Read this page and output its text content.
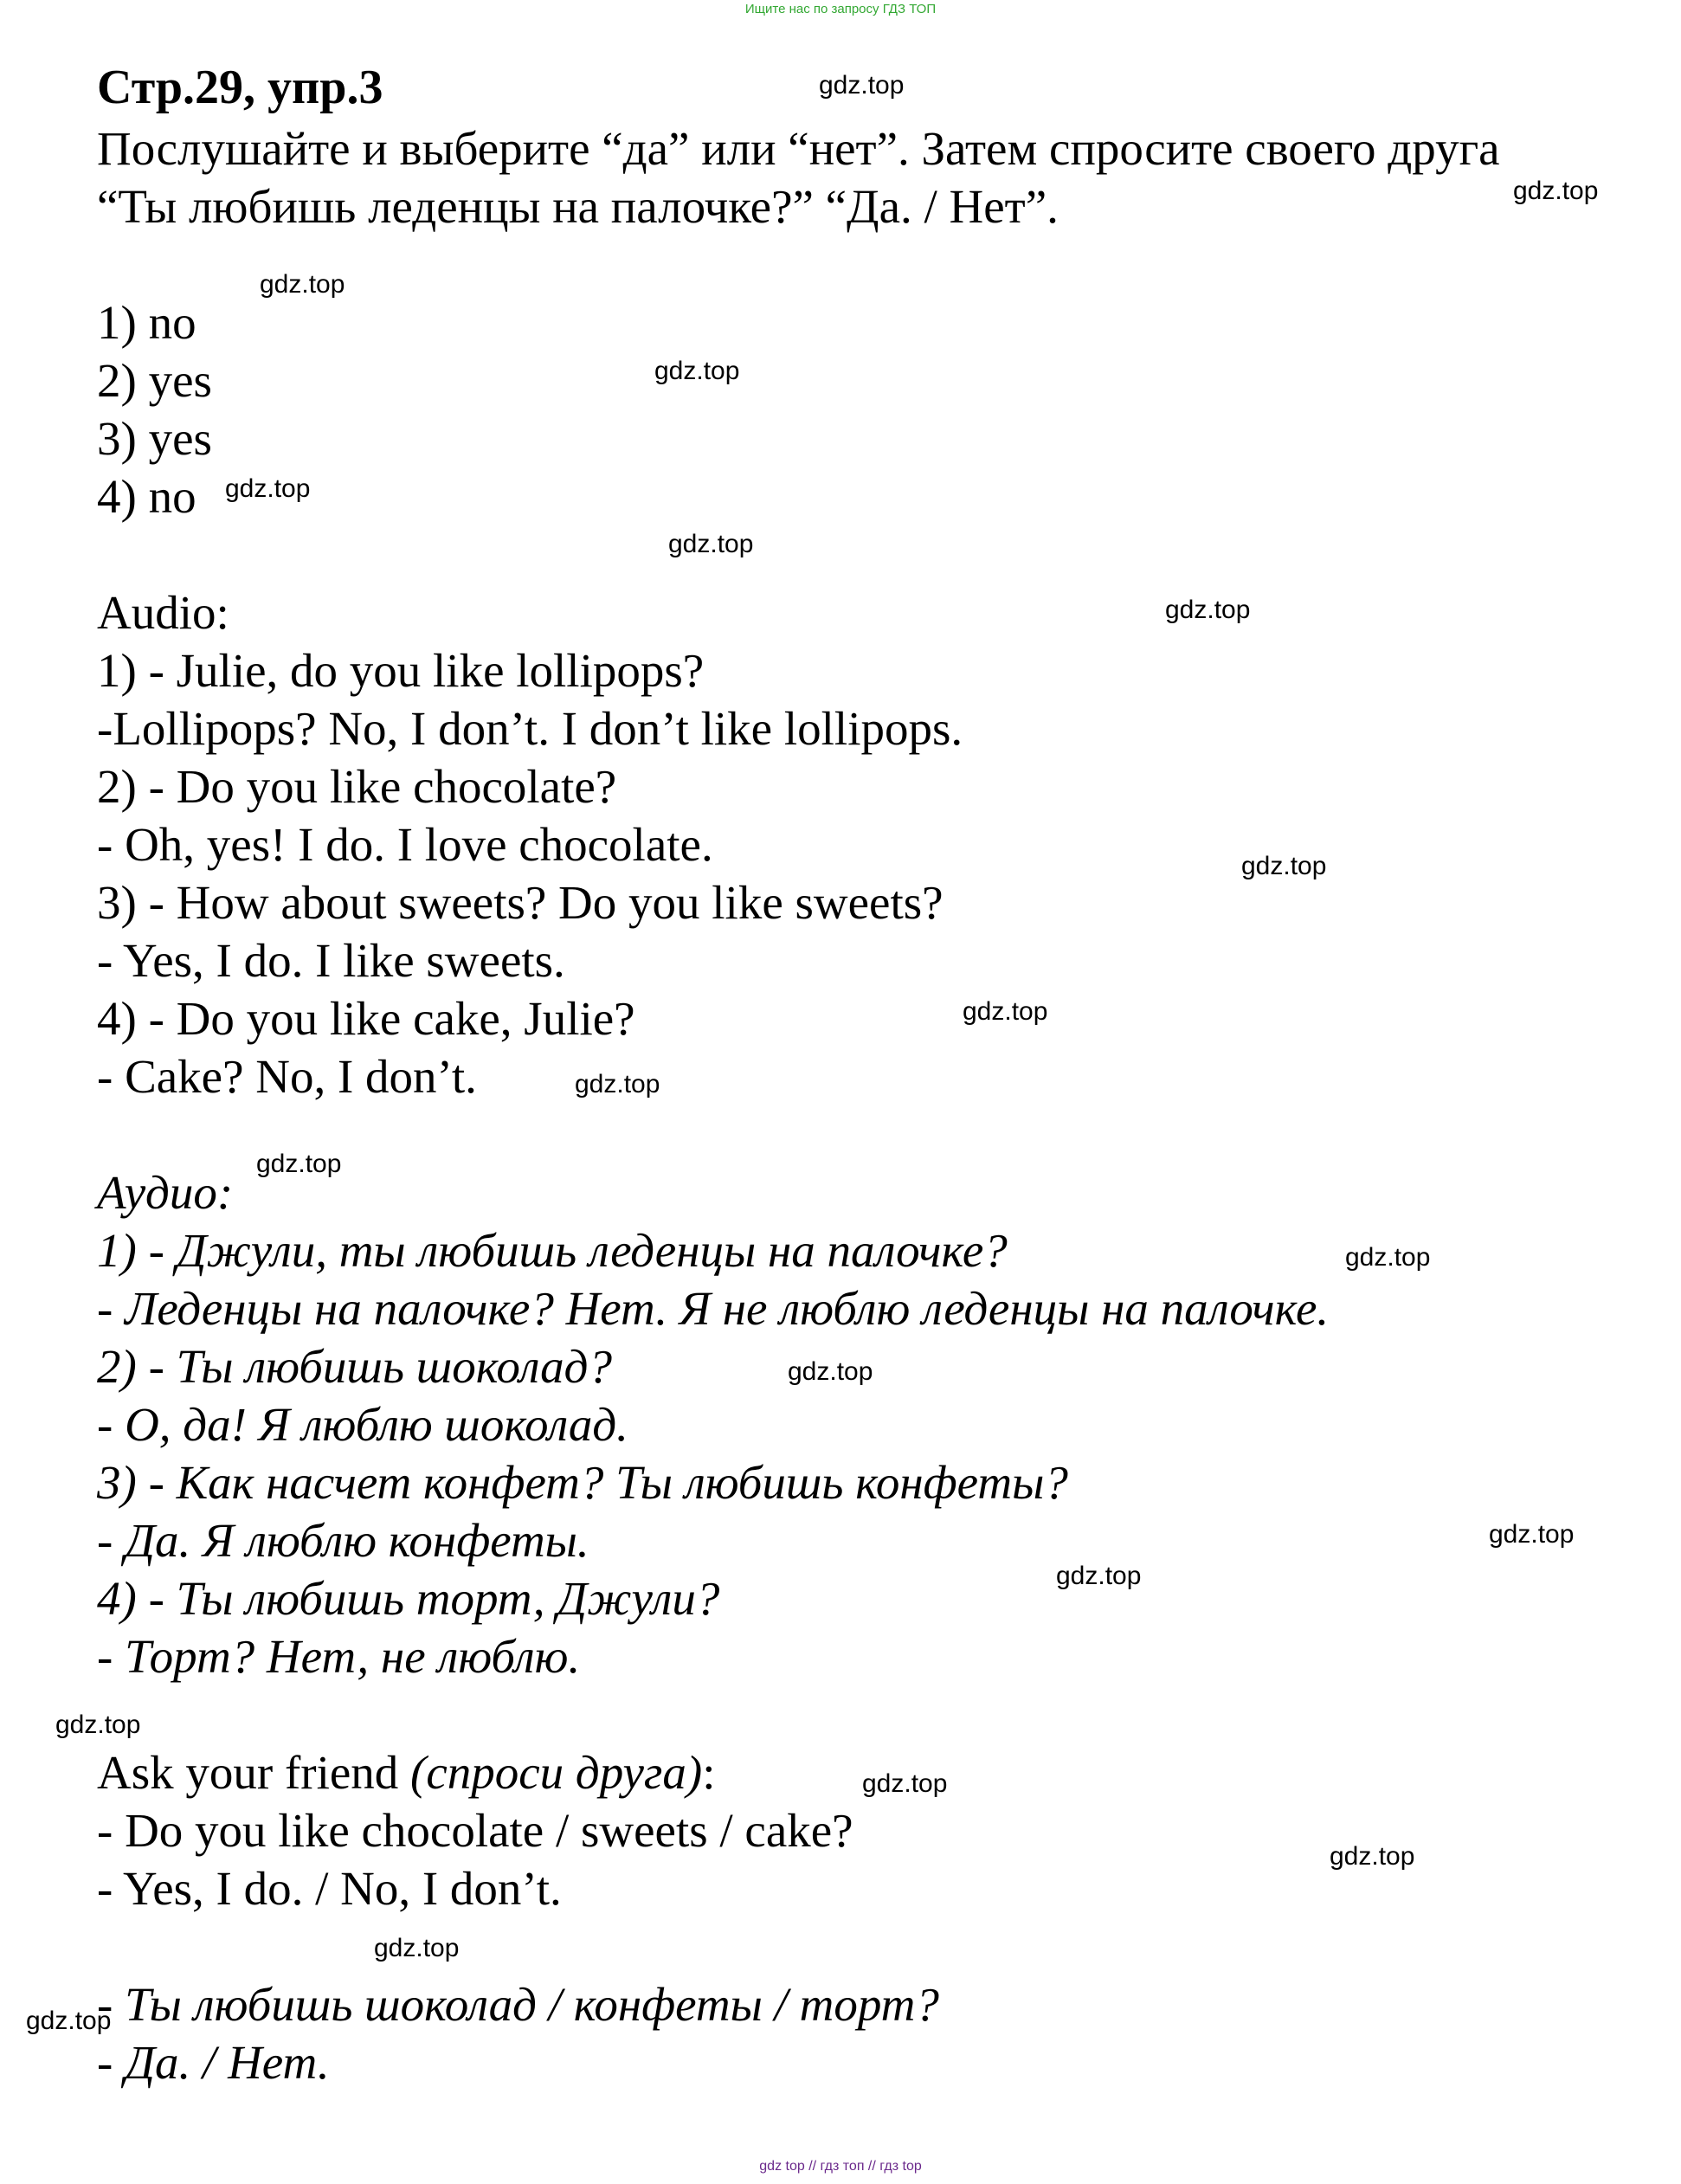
Ищите нас по запросу ГДЗ ТОП

Стр.29, упр.3

Послушайте и выберите “да” или “нет”. Затем спросите своего друга

“Ты любишь леденцы на палочке?” “Да. / Нет”.

1) no

2) yes

3) yes

4) no

Audio:

1) - Julie, do you like lollipops?

-Lollipops? No, I don’t. I don’t like lollipops.

2) - Do you like chocolate?

- Oh, yes! I do. I love chocolate.

3) - How about sweets? Do you like sweets?

- Yes, I do. I like sweets.

4) - Do you like cake, Julie?

- Cake? No, I don’t.

Аудио:

1) - Джули, ты любишь леденцы на палочке?

- Леденцы на палочке? Нет. Я не люблю леденцы на палочке.

2) - Ты любишь шоколад?

- О, да! Я люблю шоколад.

3) - Как насчет конфет? Ты любишь конфеты?

- Да. Я люблю конфеты.

4) - Ты любишь торт, Джули?

- Торт? Нет, не люблю.

Ask your friend (спроси друга):

- Do you like chocolate / sweets / cake?

- Yes, I do. / No, I don’t.

- Ты любишь шоколад / конфеты / торт?

- Да. / Нет.

gdz.top
gdz.top
gdz.top
gdz.top
gdz.top
gdz.top
gdz.top
gdz.top
gdz.top
gdz.top
gdz.top
gdz.top
gdz.top
gdz.top
gdz.top
gdz.top
gdz.top
gdz.top
gdz.top
gdz.top
gdz top // гдз топ // гдз top
